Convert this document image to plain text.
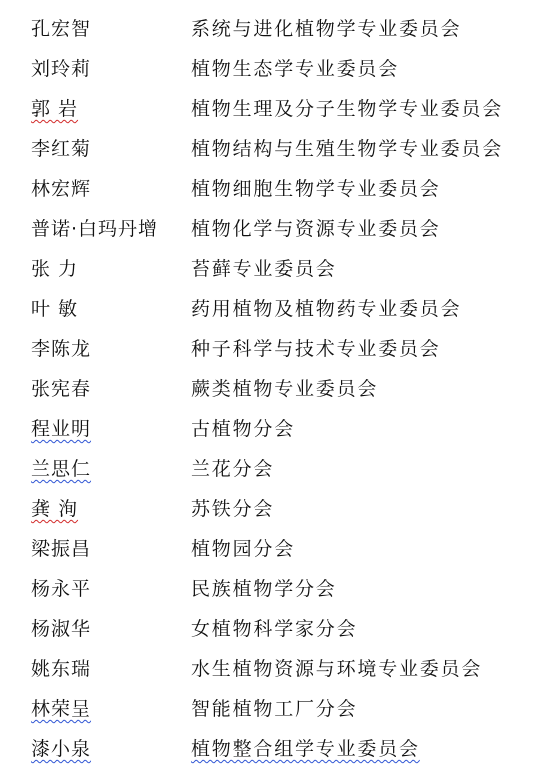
孔宏智	系统与进化植物学专业委员会
刘玲莉	植物生态学专业委员会
郭 岩	植物生理及分子生物学专业委员会
李红菊	植物结构与生殖生物学专业委员会
林宏辉	植物细胞生物学专业委员会
普诺·白玛丹增 植物化学与资源专业委员会
张 力	苔藓专业委员会
叶 敏	药用植物及植物药专业委员会
李陈龙	种子科学与技术专业委员会
张宪春	蕨类植物专业委员会
程业明	古植物分会
兰思仁	兰花分会
龚 洵	苏铁分会
梁振昌	植物园分会
杨永平	民族植物学分会
杨淑华	女植物科学家分会
姚东瑞	水生植物资源与环境专业委员会
林荣呈	智能植物工厂分会
漆小泉	植物整合组学专业委员会
